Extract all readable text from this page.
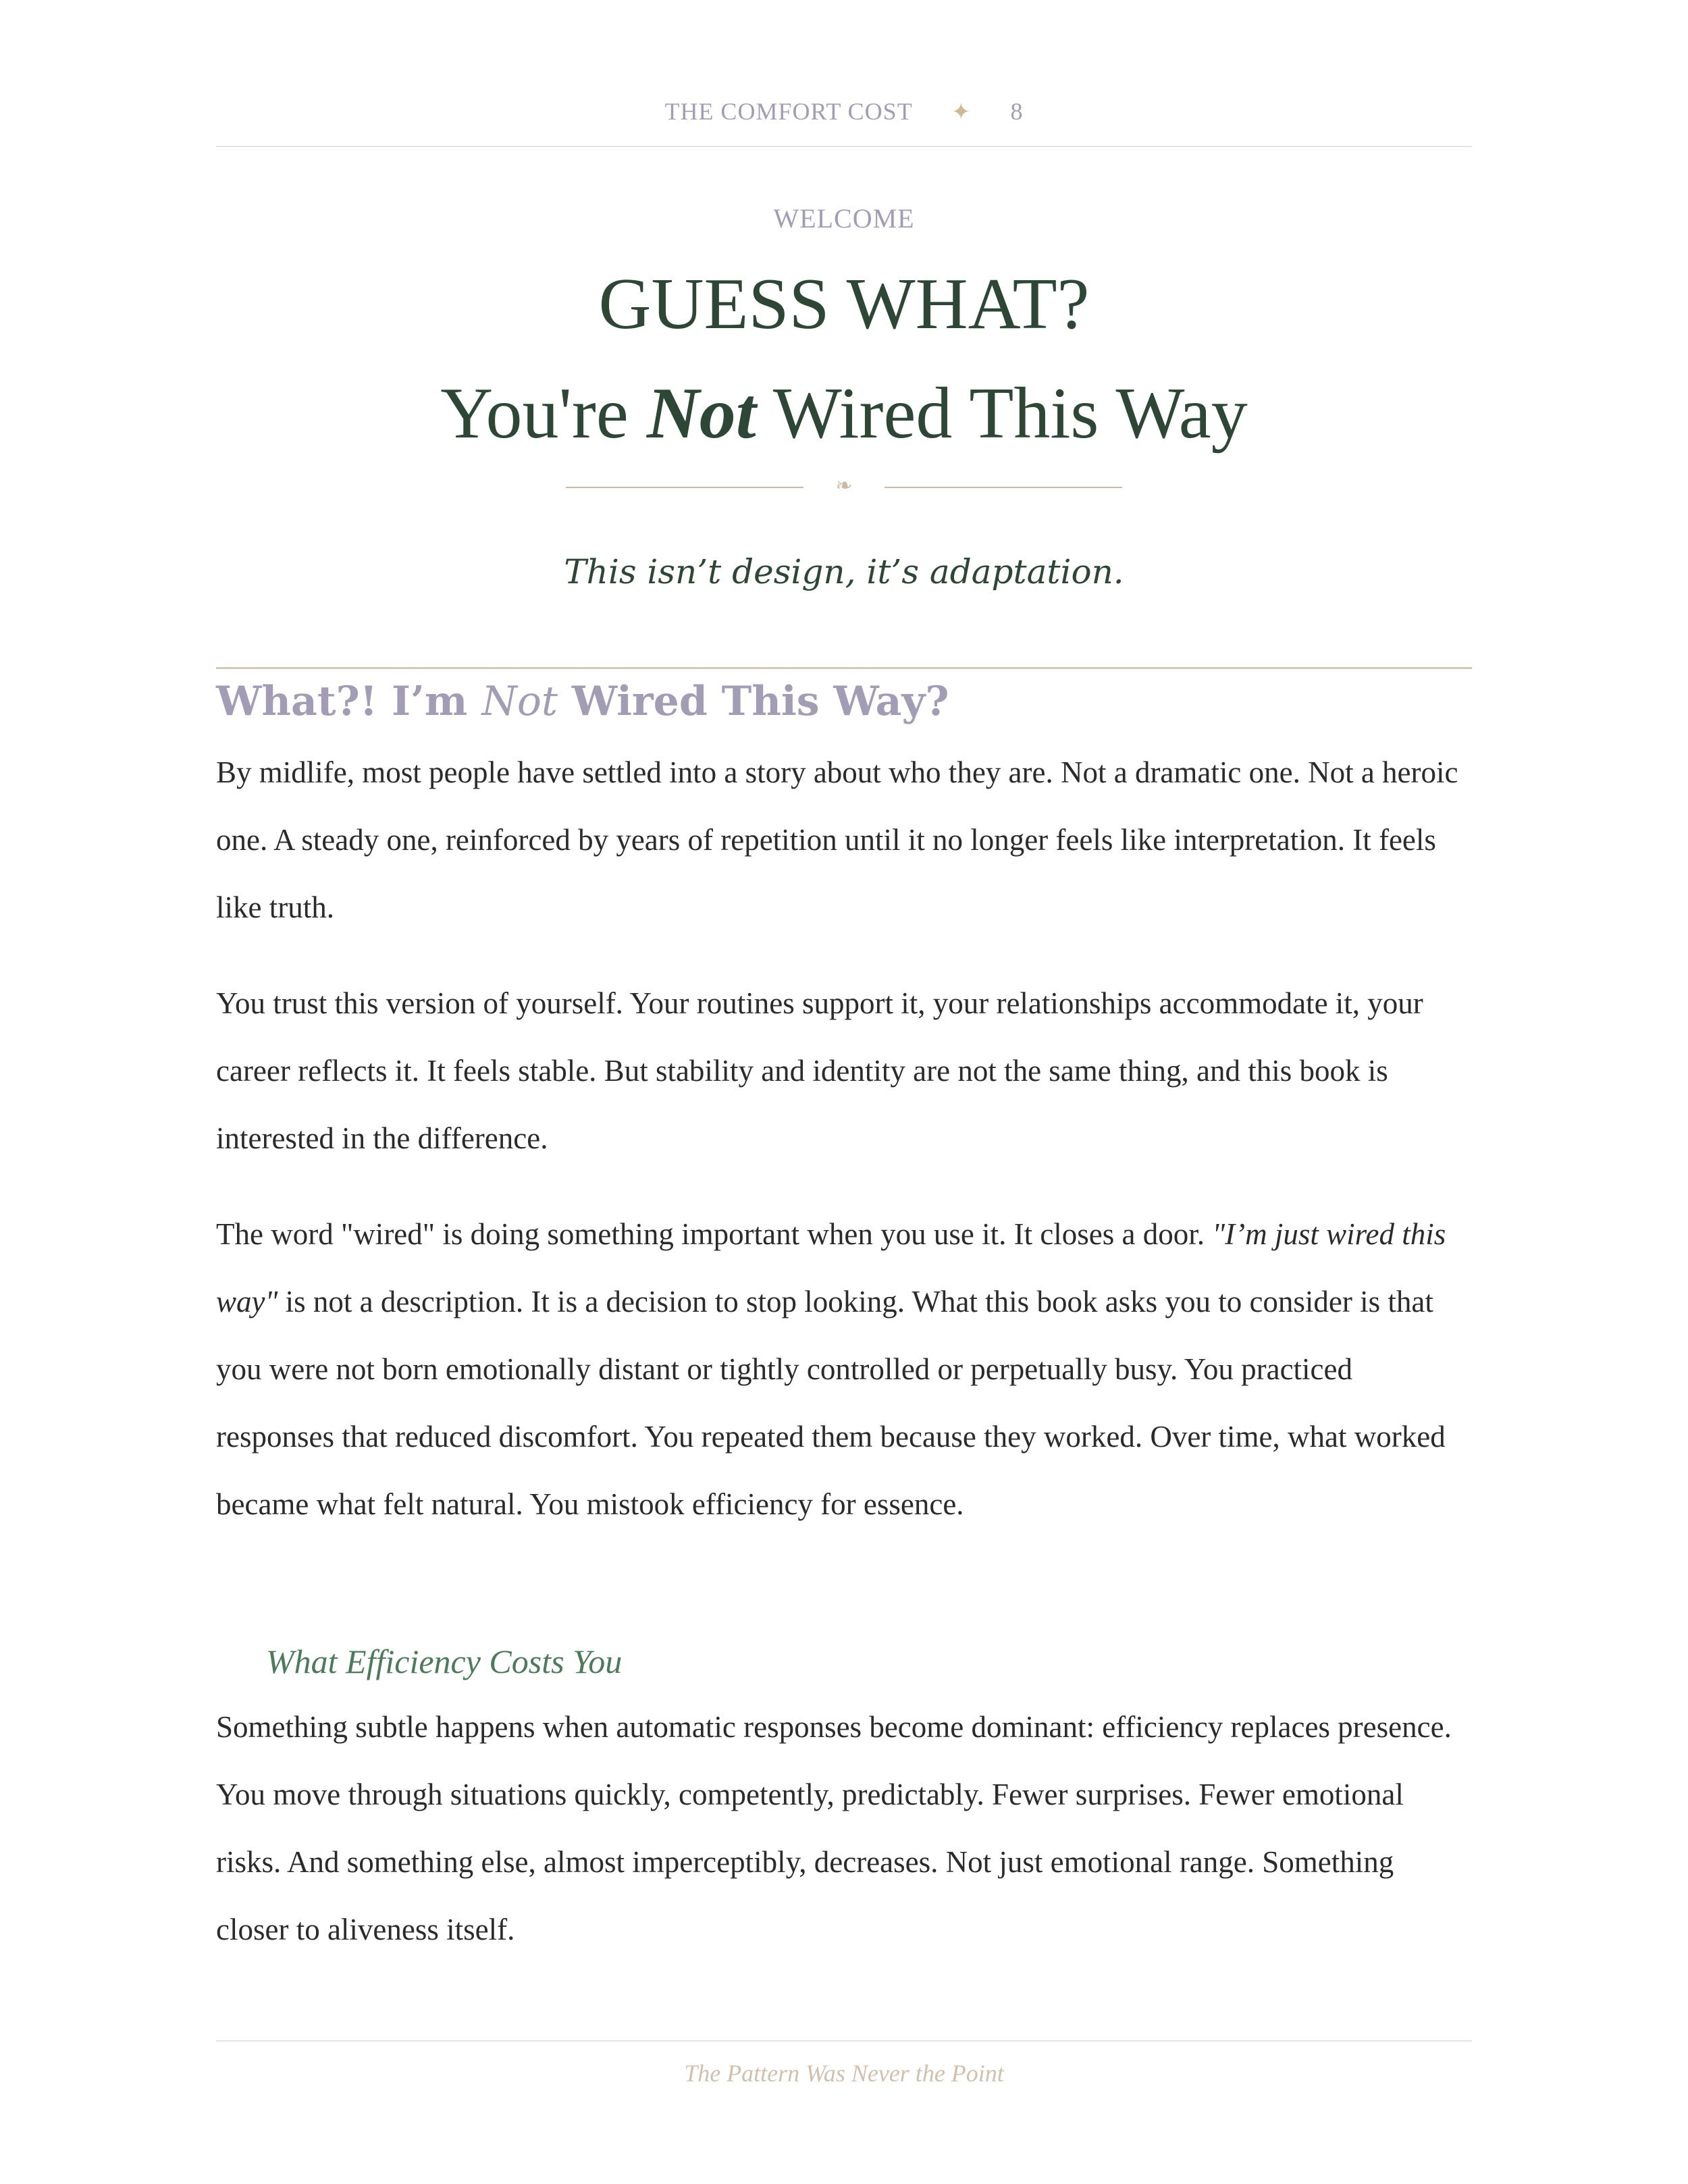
THE COMFORT COST ✦ 8
WELCOME
GUESS WHAT?
You're Not Wired This Way
❧
This isn’t design, it’s adaptation.
What?! I’m Not Wired This Way?

By midlife, most people have settled into a story about who they are. Not a dramatic one. Not a heroic one. A steady one, reinforced by years of repetition until it no longer feels like interpretation. It feels like truth.

You trust this version of yourself. Your routines support it, your relationships accommodate it, your career reflects it. It feels stable. But stability and identity are not the same thing, and this book is interested in the difference.

The word "wired" is doing something important when you use it. It closes a door. "I’m just wired this way" is not a description. It is a decision to stop looking. What this book asks you to consider is that you were not born emotionally distant or tightly controlled or perpetually busy. You practiced responses that reduced discomfort. You repeated them because they worked. Over time, what worked became what felt natural. You mistook efficiency for essence.

What Efficiency Costs You

Something subtle happens when automatic responses become dominant: efficiency replaces presence. You move through situations quickly, competently, predictably. Fewer surprises. Fewer emotional risks. And something else, almost imperceptibly, decreases. Not just emotional range. Something closer to aliveness itself.

The Pattern Was Never the Point
